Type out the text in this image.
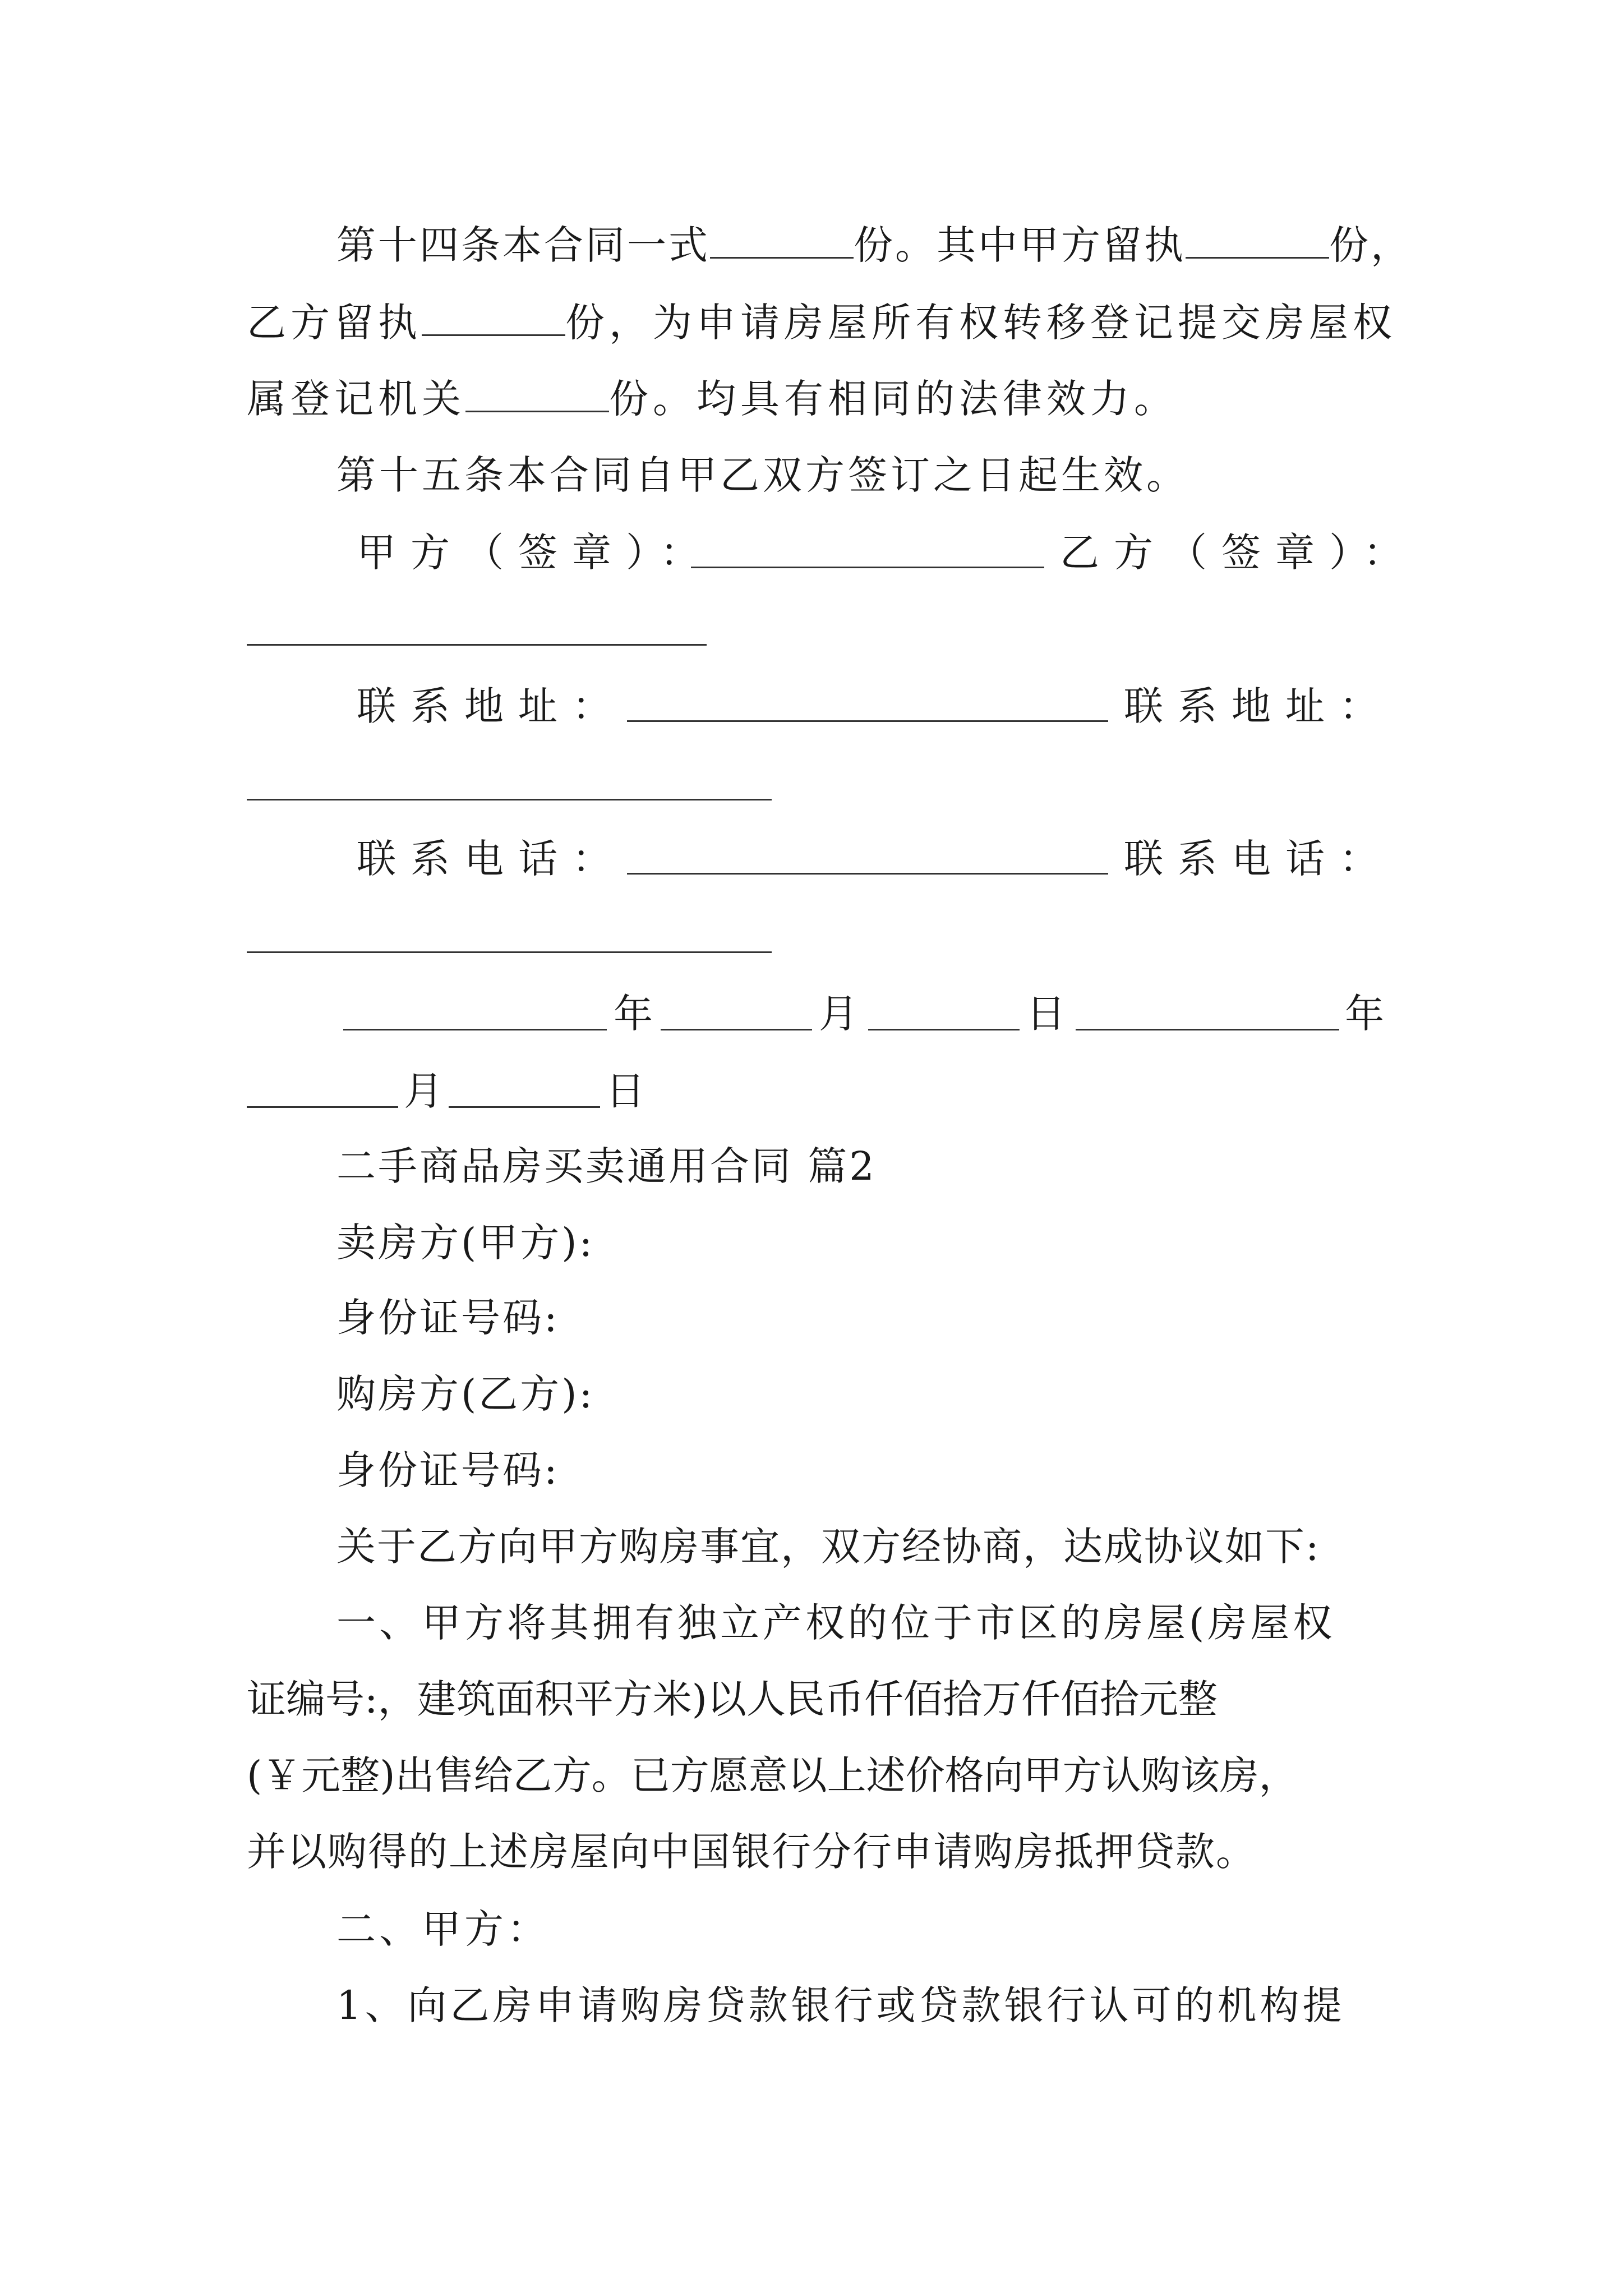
第十四条本合同一式	份。其中甲方留执	份，
乙方留执	份，为申请房屋所有权转移登记提交房屋权
属登记机关	份。均具有相同的法律效力。
第十五条本合同自甲乙双方签订之日起生效。
甲方（签章）：	乙方（签章）：
联系地址：	联系地址：
联系电话：	联系电话：
年	月	日	年
月	日
二手商品房买卖通用合同 篇2
卖房方(甲方):
身份证号码:
购房方(乙方):
身份证号码:
关于乙方向甲方购房事宜，双方经协商，达成协议如下:
一、甲方将其拥有独立产权的位于市区的房屋(房屋权
证编号:，建筑面积平方米)以人民币仟佰拾万仟佰拾元整
(￥元整)出售给乙方。已方愿意以上述价格向甲方认购该房，
并以购得的上述房屋向中国银行分行申请购房抵押贷款。
二、甲方：
1、向乙房申请购房贷款银行或贷款银行认可的机构提
